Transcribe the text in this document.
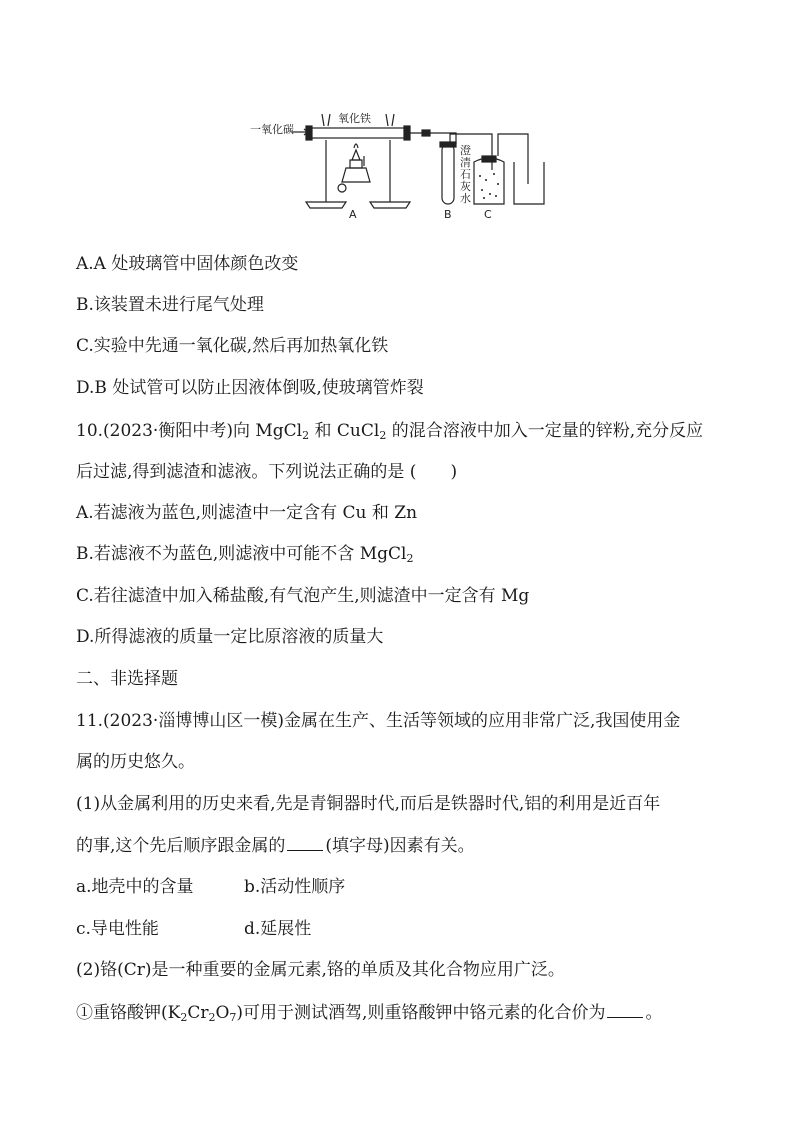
一氧化碳
氧化铁
A	B	C
澄
清
石
灰
水
A.A 处玻璃管中固体颜色改变
B.该装置未进行尾气处理
C.实验中先通一氧化碳,然后再加热氧化铁
D.B 处试管可以防止因液体倒吸,使玻璃管炸裂
10.(2023·衡阳中考)向 MgCl$_2$ 和 CuCl$_2$ 的混合溶液中加入一定量的锌粉,充分反应
后过滤,得到滤渣和滤液。下列说法正确的是 ( )
A.若滤液为蓝色,则滤渣中一定含有 Cu 和 Zn
B.若滤液不为蓝色,则滤液中可能不含 MgCl$_2$
C.若往滤渣中加入稀盐酸,有气泡产生,则滤渣中一定含有 Mg
D.所得滤液的质量一定比原溶液的质量大
二、非选择题
11.(2023·淄博博山区一模)金属在生产、生活等领域的应用非常广泛,我国使用金
属的历史悠久。
(1)从金属利用的历史来看,先是青铜器时代,而后是铁器时代,铝的利用是近百年
的事,这个先后顺序跟金属的 (填字母)因素有关。
a.地壳中的含量	b.活动性顺序
c.导电性能	d.延展性
(2)铬(Cr)是一种重要的金属元素,铬的单质及其化合物应用广泛。
①重铬酸钾$(K_2Cr_2O_7)$可用于测试酒驾,则重铬酸钾中铬元素的化合价为 。
